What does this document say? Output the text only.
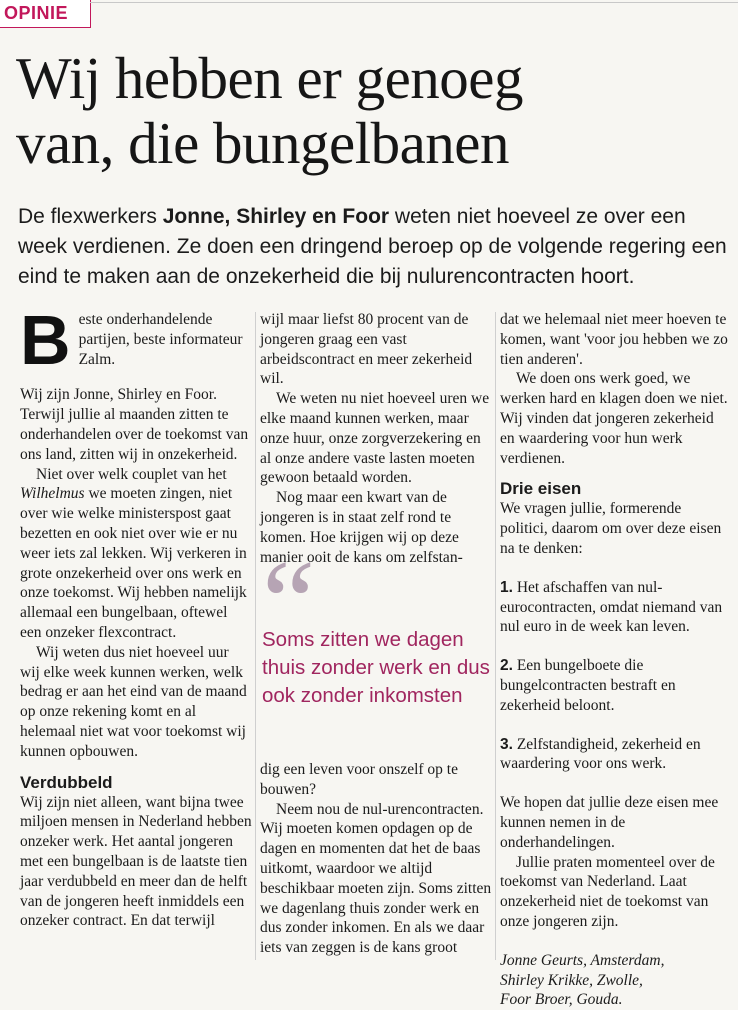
OPINIE
Wij hebben er genoeg
van, die bungelbanen

De flexwerkers Jonne, Shirley en Foor weten niet hoeveel ze over een week verdienen. Ze doen een dringend beroep op de volgende regering een eind te maken aan de onzekerheid die bij nulurencontracten hoort.

Beste onderhandelende partijen, beste informateur Zalm.

Wij zijn Jonne, Shirley en Foor. Terwijl jullie al maanden zitten te onderhandelen over de toekomst van ons land, zitten wij in onzekerheid.

Niet over welk couplet van het Wilhelmus we moeten zingen, niet over wie welke ministerspost gaat bezetten en ook niet over wie er nu weer iets zal lekken. Wij verkeren in grote onzekerheid over ons werk en onze toekomst. Wij hebben namelijk allemaal een bungelbaan, oftewel een onzeker flexcontract.

Wij weten dus niet hoeveel uur wij elke week kunnen werken, welk bedrag er aan het eind van de maand op onze rekening komt en al helemaal niet wat voor toekomst wij kunnen opbouwen.

Verdubbeld

Wij zijn niet alleen, want bijna twee miljoen mensen in Nederland hebben onzeker werk. Het aantal jongeren met een bungelbaan is de laatste tien jaar verdubbeld en meer dan de helft van de jongeren heeft inmiddels een onzeker contract. En dat terwijl

wijl maar liefst 80 procent van de jongeren graag een vast arbeidscontract en meer zekerheid wil.

We weten nu niet hoeveel uren we elke maand kunnen werken, maar onze huur, onze zorgverzekering en al onze andere vaste lasten moeten gewoon betaald worden.

Nog maar een kwart van de jongeren is in staat zelf rond te komen. Hoe krijgen wij op deze manier ooit de kans om zelfstan-

“
Soms zitten we dagen thuis zonder werk en dus ook zonder inkomsten

dig een leven voor onszelf op te bouwen?

Neem nou de nul-urencontracten. Wij moeten komen opdagen op de dagen en momenten dat het de baas uitkomt, waardoor we altijd beschikbaar moeten zijn. Soms zitten we dagenlang thuis zonder werk en dus zonder inkomen. En als we daar iets van zeggen is de kans groot

dat we helemaal niet meer hoeven te komen, want 'voor jou hebben we zo tien anderen'.

We doen ons werk goed, we werken hard en klagen doen we niet. Wij vinden dat jongeren zekerheid en waardering voor hun werk verdienen.

Drie eisen

We vragen jullie, formerende politici, daarom om over deze eisen na te denken:

1. Het afschaffen van nul-eurocontracten, omdat niemand van nul euro in de week kan leven.

2. Een bungelboete die bungelcontracten bestraft en zekerheid beloont.

3. Zelfstandigheid, zekerheid en waardering voor ons werk.

We hopen dat jullie deze eisen mee kunnen nemen in de onderhandelingen.

Jullie praten momenteel over de toekomst van Nederland. Laat onzekerheid niet de toekomst van onze jongeren zijn.

Jonne Geurts, Amsterdam,

Shirley Krikke, Zwolle,

Foor Broer, Gouda.
